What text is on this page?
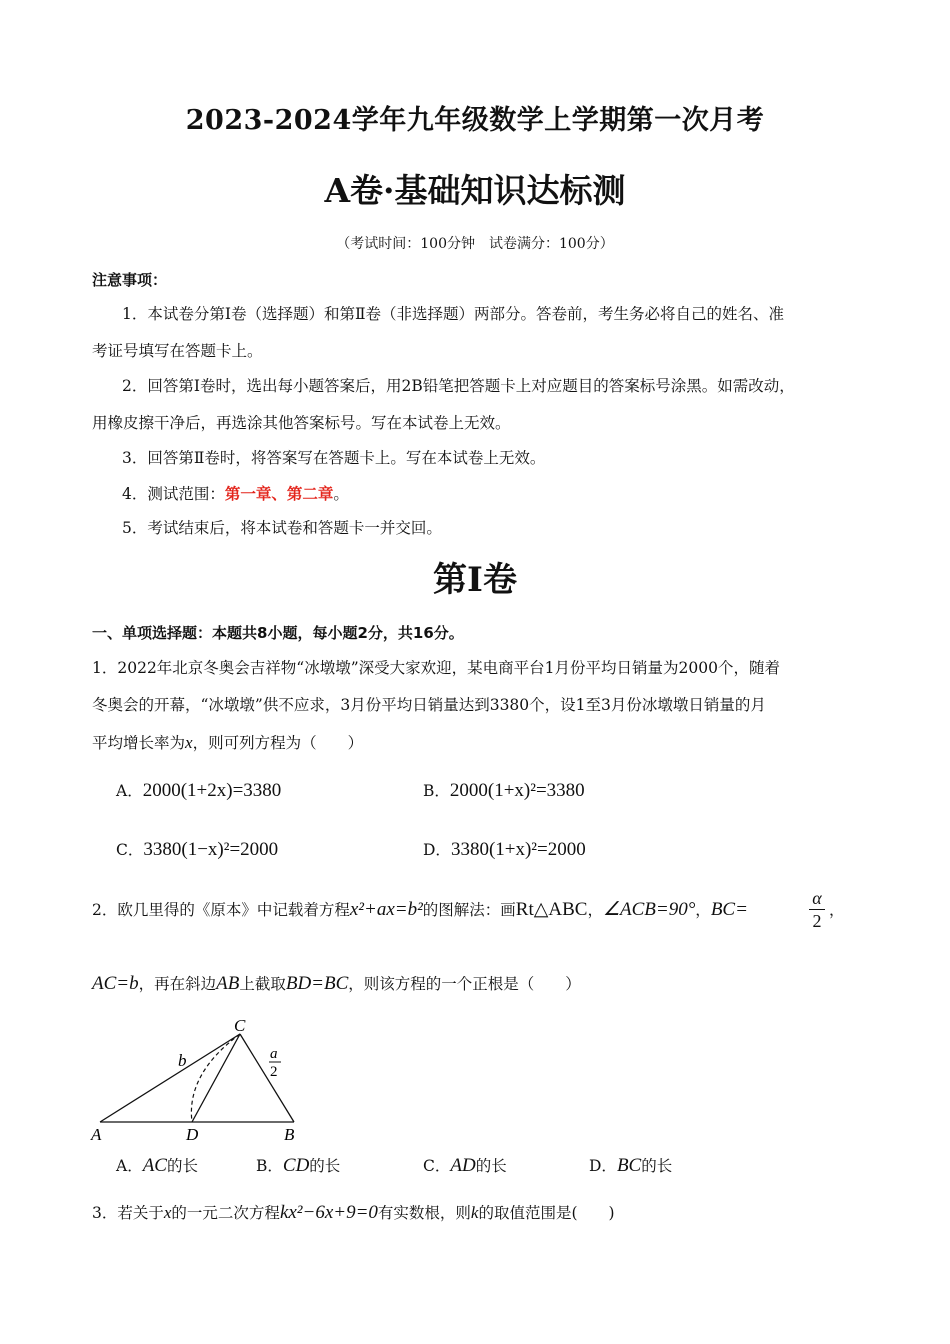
2023-2024学年九年级数学上学期第一次月考
A卷·基础知识达标测
（考试时间：100分钟　试卷满分：100分）
注意事项：
1．本试卷分第Ⅰ卷（选择题）和第Ⅱ卷（非选择题）两部分。答卷前，考生务必将自己的姓名、准
考证号填写在答题卡上。
2．回答第Ⅰ卷时，选出每小题答案后，用2B铅笔把答题卡上对应题目的答案标号涂黑。如需改动，
用橡皮擦干净后，再选涂其他答案标号。写在本试卷上无效。
3．回答第Ⅱ卷时，将答案写在答题卡上。写在本试卷上无效。
4．测试范围：第一章、第二章。
5．考试结束后，将本试卷和答题卡一并交回。
第Ⅰ卷
一、单项选择题：本题共8小题，每小题2分，共16分。
1．2022年北京冬奥会吉祥物“冰墩墩”深受大家欢迎，某电商平台1月份平均日销量为2000个，随着
冬奥会的开幕，“冰墩墩”供不应求，3月份平均日销量达到3380个，设1至3月份冰墩墩日销量的月
平均增长率为x，则可列方程为（　　）
A．2000(1+2x)=3380	B．2000(1+x)²=3380
C．3380(1−x)²=2000	D．3380(1+x)²=2000
2．欧几里得的《原本》中记载着方程x²+ax=b²的图解法：画Rt△ABC，∠ACB=90°，BC=
α
2
，
AC=b，再在斜边AB上截取BD=BC，则该方程的一个正根是（　　）
C
A	D	B
b	a
2
A．AC的长	B．CD的长	C．AD的长	D．BC的长
3．若关于x的一元二次方程kx²−6x+9=0有实数根，则k的取值范围是(　　)
